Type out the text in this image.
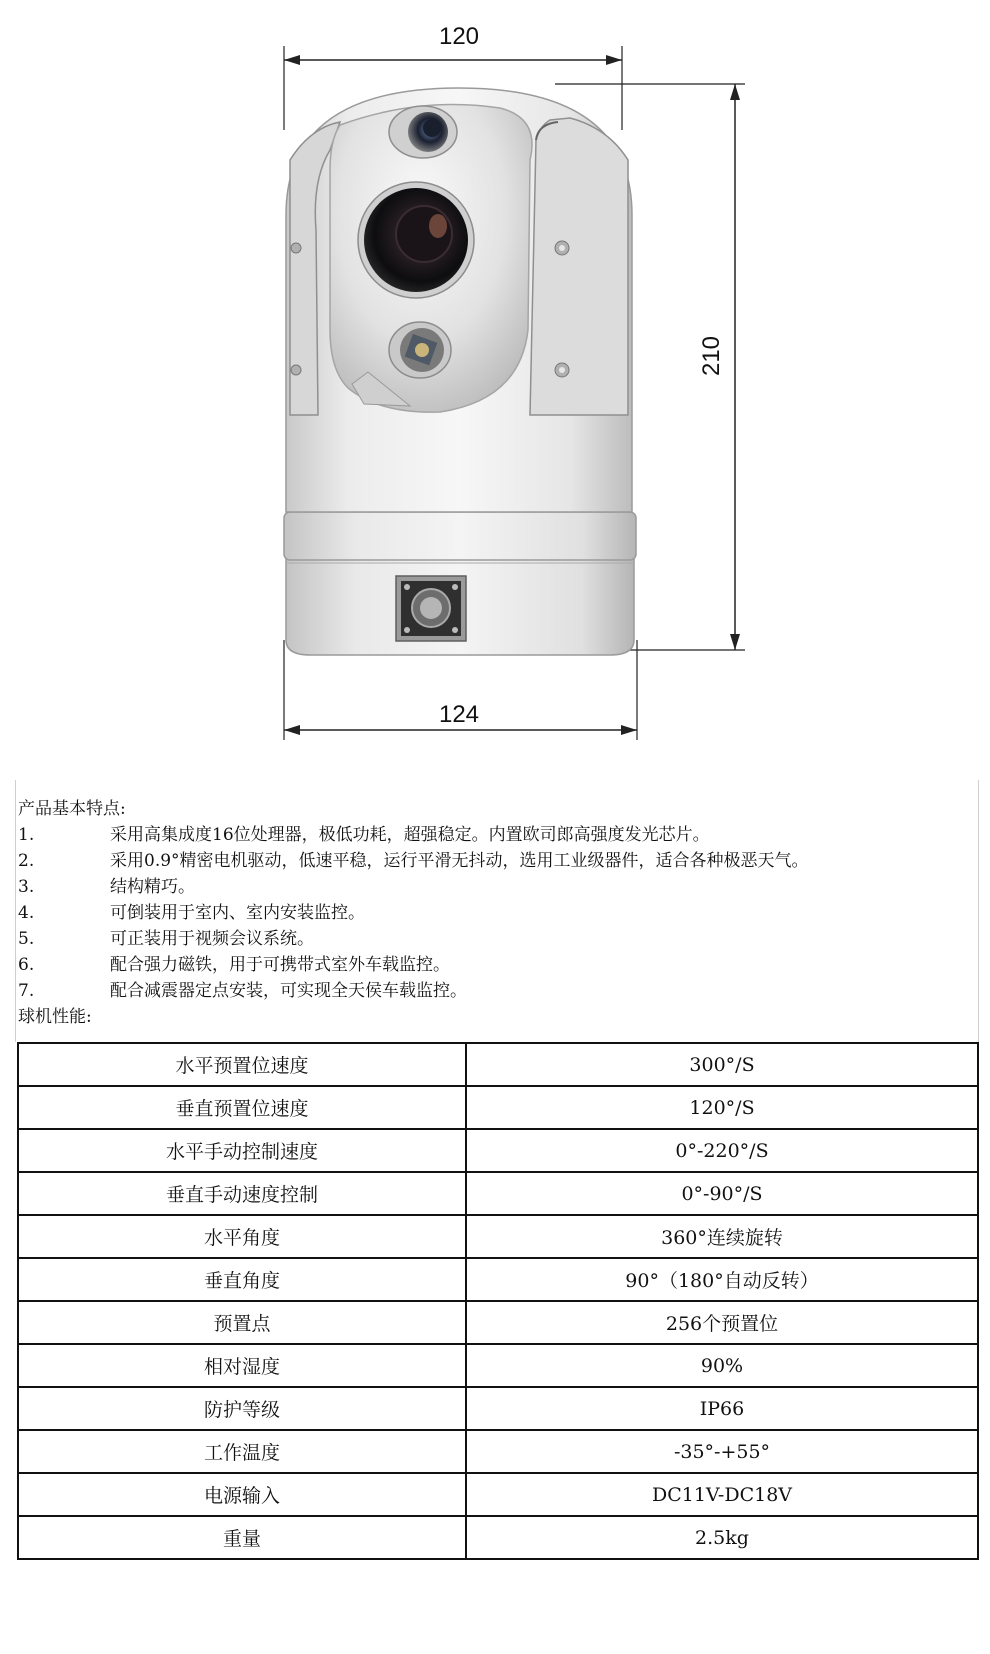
120
210
124
产品基本特点:
1.	采用高集成度16位处理器，极低功耗，超强稳定。内置欧司郎高强度发光芯片。
2.	采用0.9°精密电机驱动，低速平稳，运行平滑无抖动，选用工业级器件，适合各种极恶天气。
3.	结构精巧。
4.	可倒装用于室内、室内安装监控。
5.	可正装用于视频会议系统。
6.	配合强力磁铁，用于可携带式室外车载监控。
7.	配合减震器定点安装，可实现全天侯车载监控。
球机性能:
水平预置位速度	300°/S
垂直预置位速度	120°/S
水平手动控制速度	0°-220°/S
垂直手动速度控制	0°-90°/S
水平角度	360°连续旋转
垂直角度	90°（180°自动反转）
预置点	256个预置位
相对湿度	90%
防护等级	IP66
工作温度	-35°-+55°
电源输入	DC11V-DC18V
重量	2.5kg
